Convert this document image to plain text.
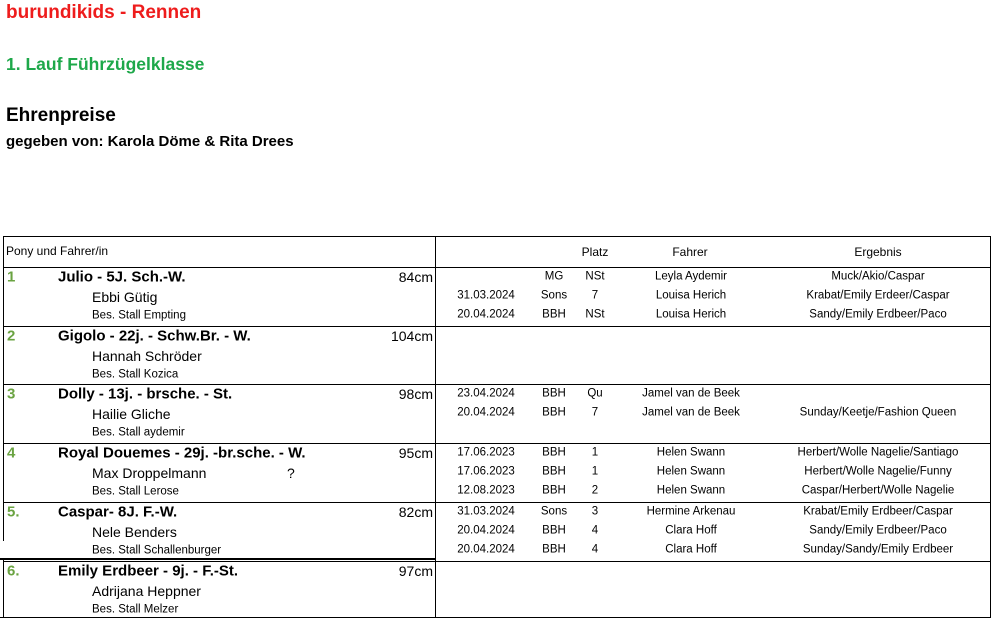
burundikids - Rennen
1. Lauf Führzügelklasse
Ehrenpreise
gegeben von: Karola Döme & Rita Drees
Pony und Fahrer/in	Platz	Fahrer	Ergebnis
1	Julio - 5J. Sch.-W.	84cm
Ebbi Gütig
Bes. Stall Empting
MG NSt	Leyla Aydemir	Muck/Akio/Caspar
31.03.2024 Sons 7	Louisa Herich	Krabat/Emily Erdeer/Caspar
20.04.2024 BBH NSt	Louisa Herich	Sandy/Emily Erdbeer/Paco
2	Gigolo - 22j. - Schw.Br. - W.	104cm
Hannah Schröder
Bes. Stall Kozica
3	Dolly - 13j. - brsche. - St.	98cm
Hailie Gliche
Bes. Stall aydemir
23.04.2024 BBH Qu	Jamel van de Beek
20.04.2024 BBH 7	Jamel van de Beek	Sunday/Keetje/Fashion Queen
4	Royal Douemes - 29j. -br.sche. - W.	95cm
Max Droppelmann	?
Bes. Stall Lerose
17.06.2023 BBH 1	Helen Swann	Herbert/Wolle Nagelie/Santiago
17.06.2023 BBH 1	Helen Swann	Herbert/Wolle Nagelie/Funny
12.08.2023 BBH 2	Helen Swann	Caspar/Herbert/Wolle Nagelie
5.	Caspar- 8J. F.-W.	82cm
Nele Benders
Bes. Stall Schallenburger
31.03.2024 Sons 3	Hermine Arkenau	Krabat/Emily Erdbeer/Caspar
20.04.2024 BBH 4	Clara Hoff	Sandy/Emily Erdbeer/Paco
20.04.2024 BBH 4	Clara Hoff	Sunday/Sandy/Emily Erdbeer
6.	Emily Erdbeer - 9j. - F.-St.	97cm
Adrijana Heppner
Bes. Stall Melzer
